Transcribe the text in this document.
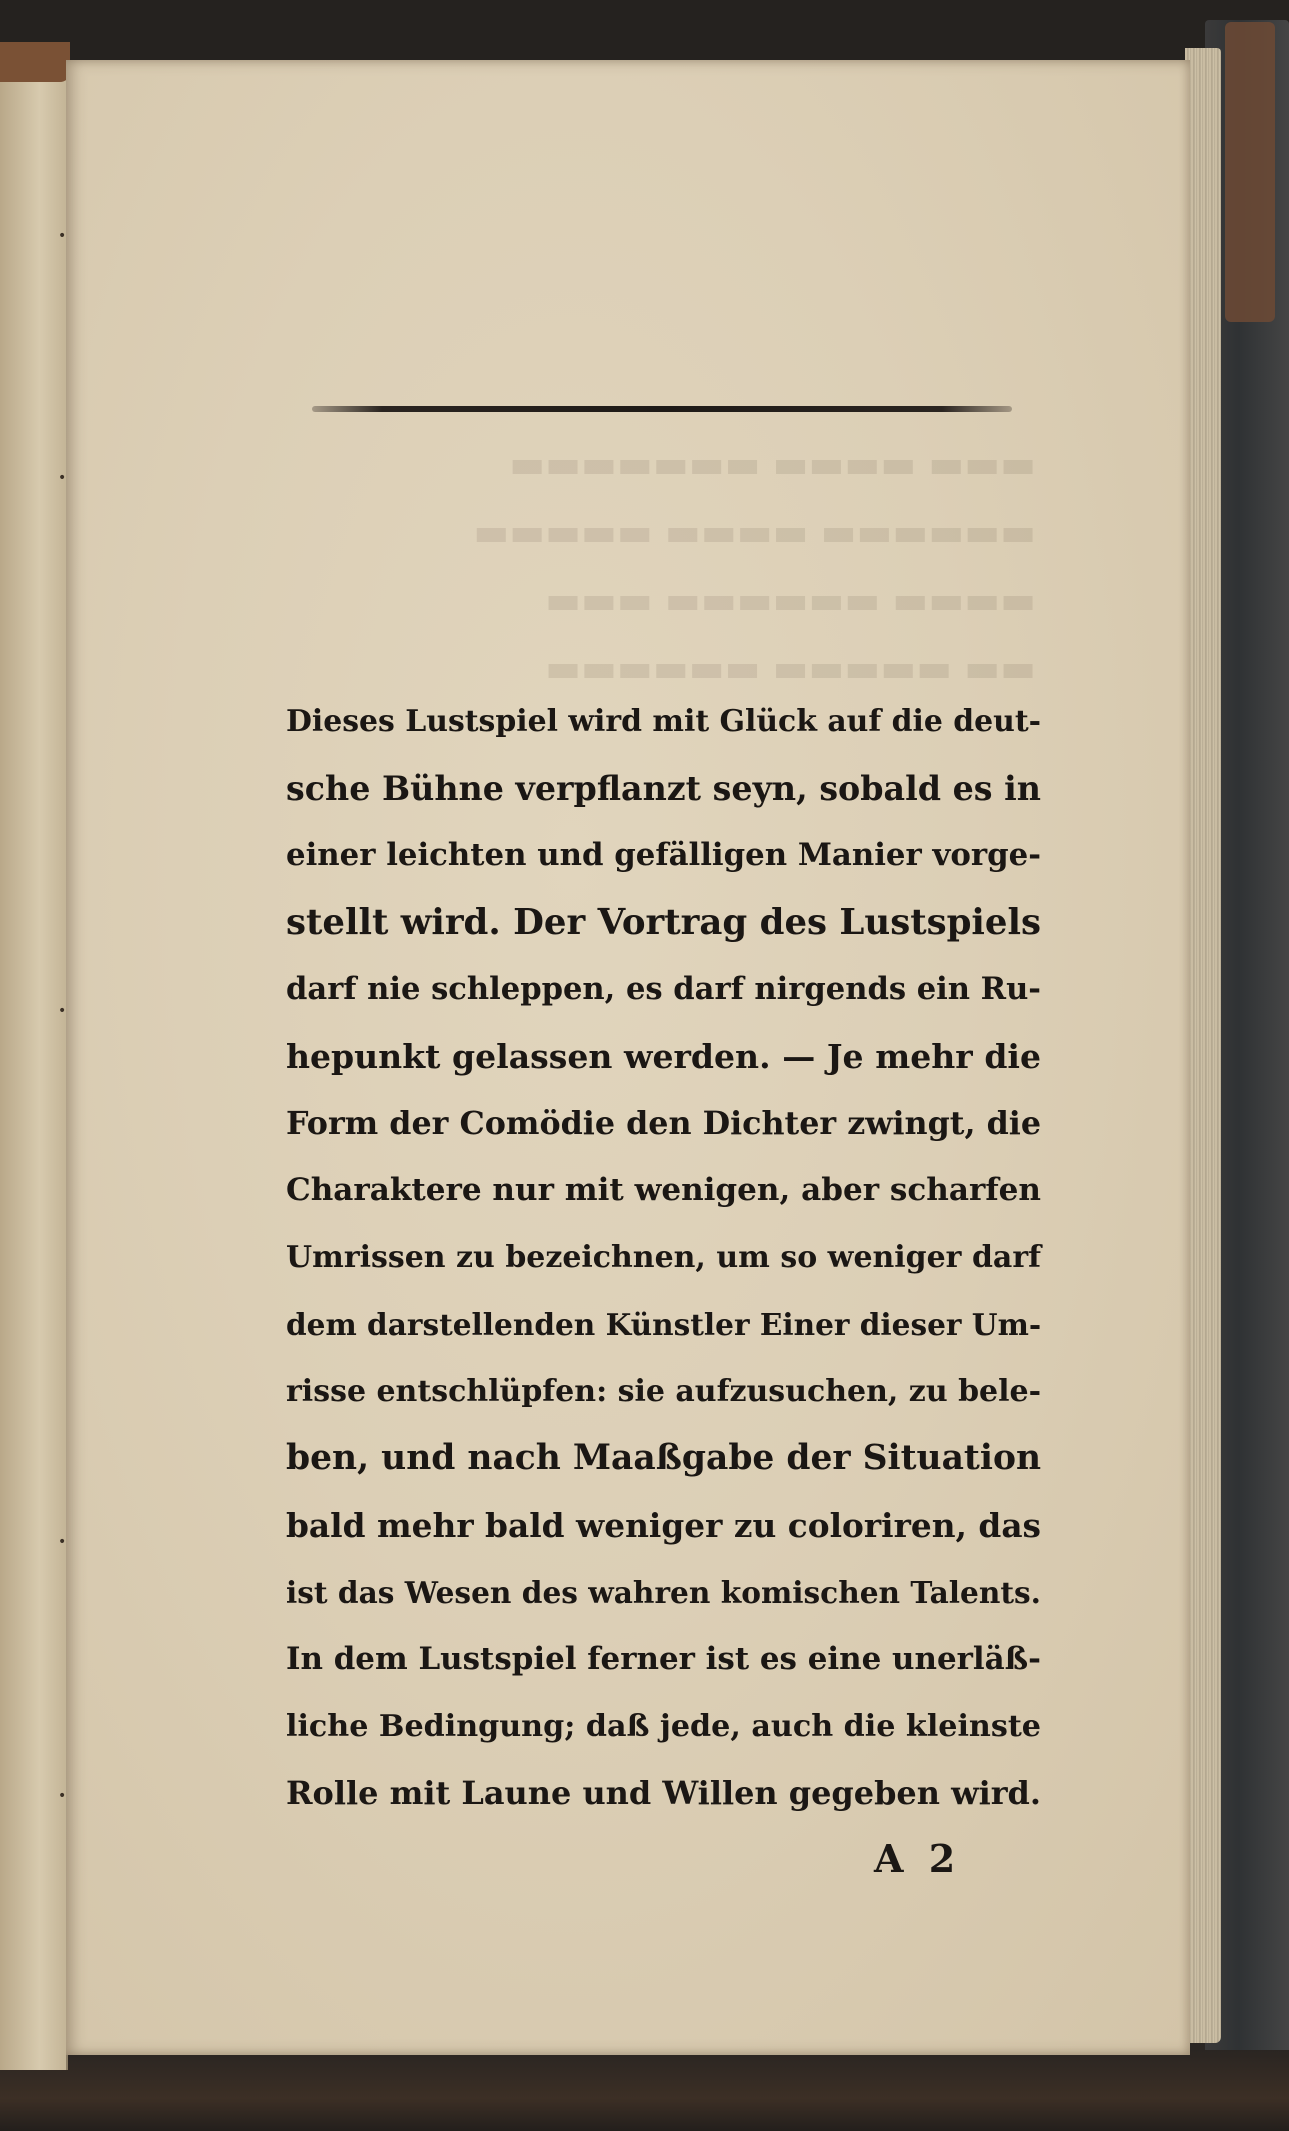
•
•
•
•
•
▬▬▬ ▬▬▬▬ ▬▬▬▬▬▬▬
▬▬▬▬▬▬ ▬▬▬▬ ▬▬▬▬▬
▬▬▬▬ ▬▬▬▬▬▬ ▬▬▬
▬▬ ▬▬▬▬▬ ▬▬▬▬▬▬
Dieses Lustspiel wird mit Glück auf die deut-
sche Bühne verpflanzt seyn, sobald es in
einer leichten und gefälligen Manier vorge-
stellt wird. Der Vortrag des Lustspiels
darf nie schleppen, es darf nirgends ein Ru-
hepunkt gelassen werden. — Je mehr die
Form der Comödie den Dichter zwingt, die
Charaktere nur mit wenigen, aber scharfen
Umrissen zu bezeichnen, um so weniger darf
dem darstellenden Künstler Einer dieser Um-
risse entschlüpfen: sie aufzusuchen, zu bele-
ben, und nach Maaßgabe der Situation
bald mehr bald weniger zu coloriren, das
ist das Wesen des wahren komischen Talents.
In dem Lustspiel ferner ist es eine unerläß-
liche Bedingung; daß jede, auch die kleinste
Rolle mit Laune und Willen gegeben wird.
A 2
